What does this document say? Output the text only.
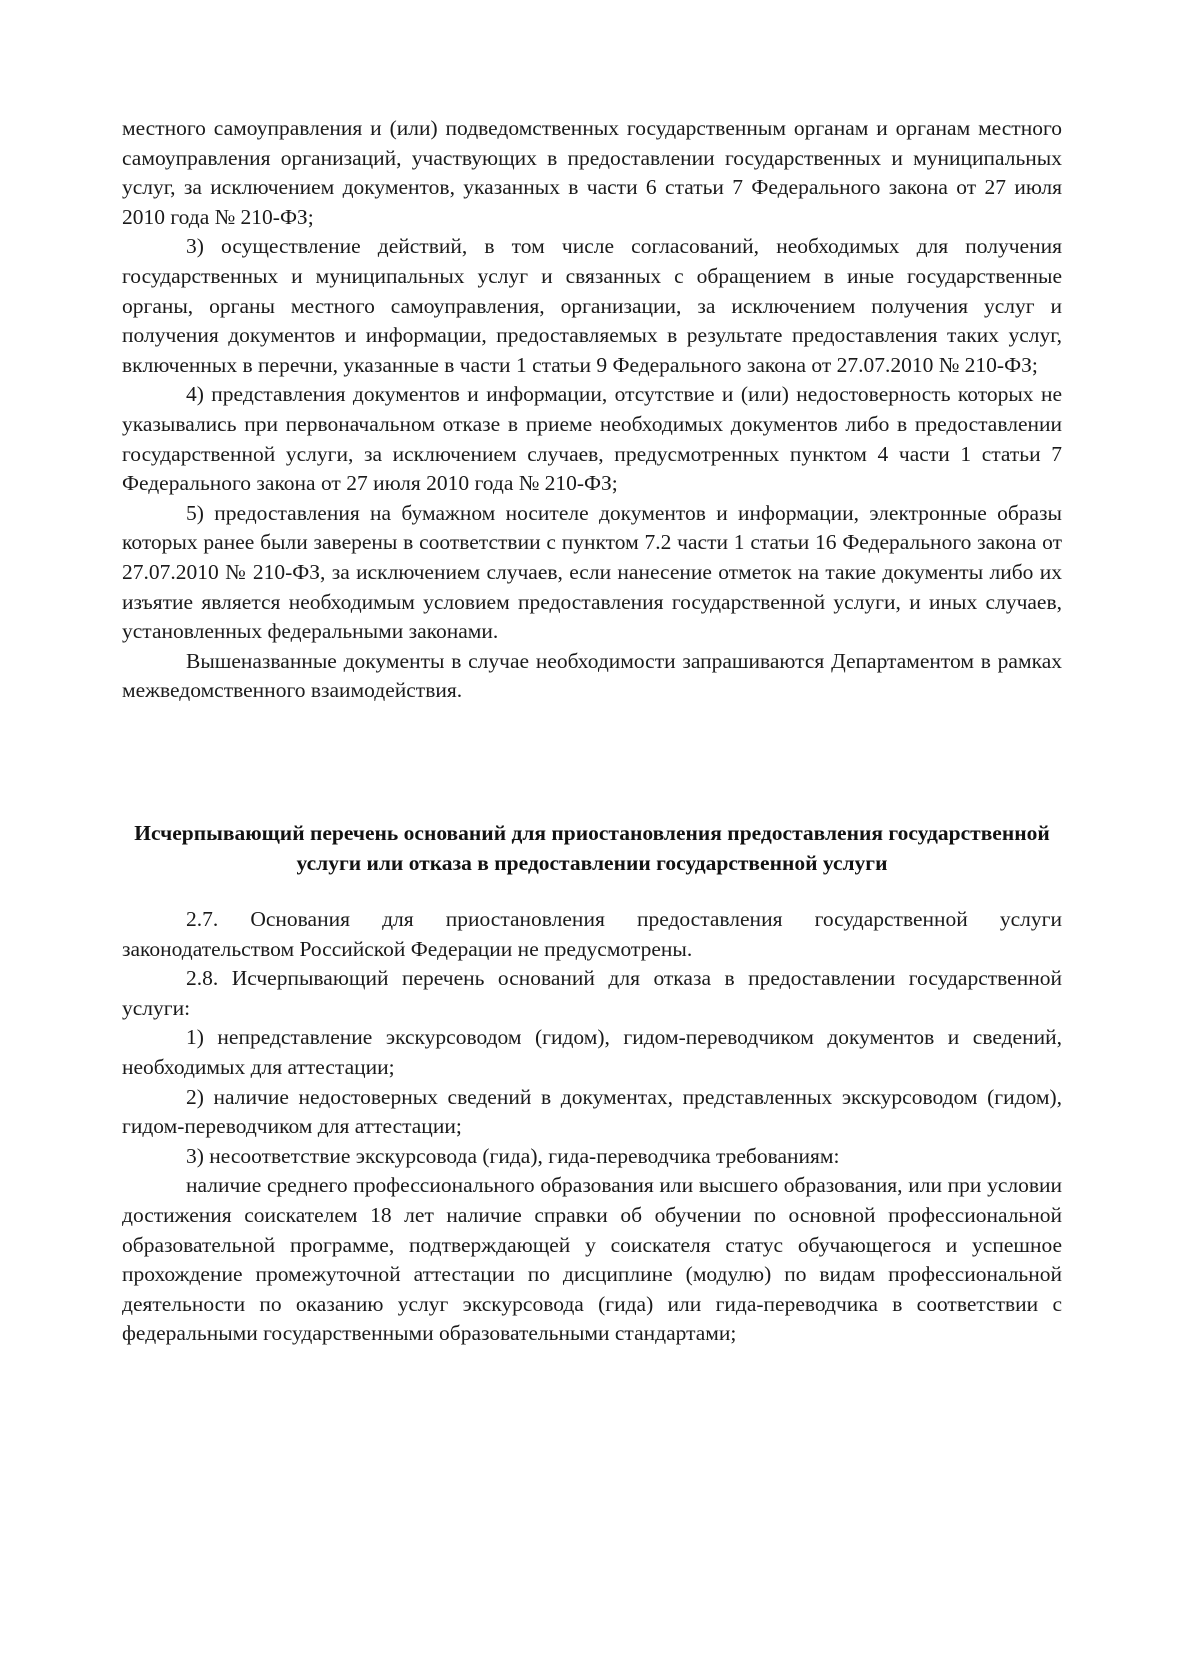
местного самоуправления и (или) подведомственных государственным органам и органам местного самоуправления организаций, участвующих в предоставлении государственных и муниципальных услуг, за исключением документов, указанных в части 6 статьи 7 Федерального закона от 27 июля 2010 года № 210-ФЗ;

3) осуществление действий, в том числе согласований, необходимых для получения государственных и муниципальных услуг и связанных с обращением в иные государственные органы, органы местного самоуправления, организации, за исключением получения услуг и получения документов и информации, предоставляемых в результате предоставления таких услуг, включенных в перечни, указанные в части 1 статьи 9 Федерального закона от 27.07.2010 № 210-ФЗ;

4) представления документов и информации, отсутствие и (или) недостоверность которых не указывались при первоначальном отказе в приеме необходимых документов либо в предоставлении государственной услуги, за исключением случаев, предусмотренных пунктом 4 части 1 статьи 7 Федерального закона от 27 июля 2010 года № 210-ФЗ;

5) предоставления на бумажном носителе документов и информации, электронные образы которых ранее были заверены в соответствии с пунктом 7.2 части 1 статьи 16 Федерального закона от 27.07.2010 № 210-ФЗ, за исключением случаев, если нанесение отметок на такие документы либо их изъятие является необходимым условием предоставления государственной услуги, и иных случаев, установленных федеральными законами.

Вышеназванные документы в случае необходимости запрашиваются Департаментом в рамках межведомственного взаимодействия.

Исчерпывающий перечень оснований для приостановления предоставления государственной услуги или отказа в предоставлении государственной услуги

2.7. Основания для приостановления предоставления государственной услуги законодательством Российской Федерации не предусмотрены.

2.8. Исчерпывающий перечень оснований для отказа в предоставлении государственной услуги:

1) непредставление экскурсоводом (гидом), гидом-переводчиком документов и сведений, необходимых для аттестации;

2) наличие недостоверных сведений в документах, представленных экскурсоводом (гидом), гидом-переводчиком для аттестации;

3) несоответствие экскурсовода (гида), гида-переводчика требованиям:

наличие среднего профессионального образования или высшего образования, или при условии достижения соискателем 18 лет наличие справки об обучении по основной профессиональной образовательной программе, подтверждающей у соискателя статус обучающегося и успешное прохождение промежуточной аттестации по дисциплине (модулю) по видам профессиональной деятельности по оказанию услуг экскурсовода (гида) или гида-переводчика в соответствии с федеральными государственными образовательными стандартами;
